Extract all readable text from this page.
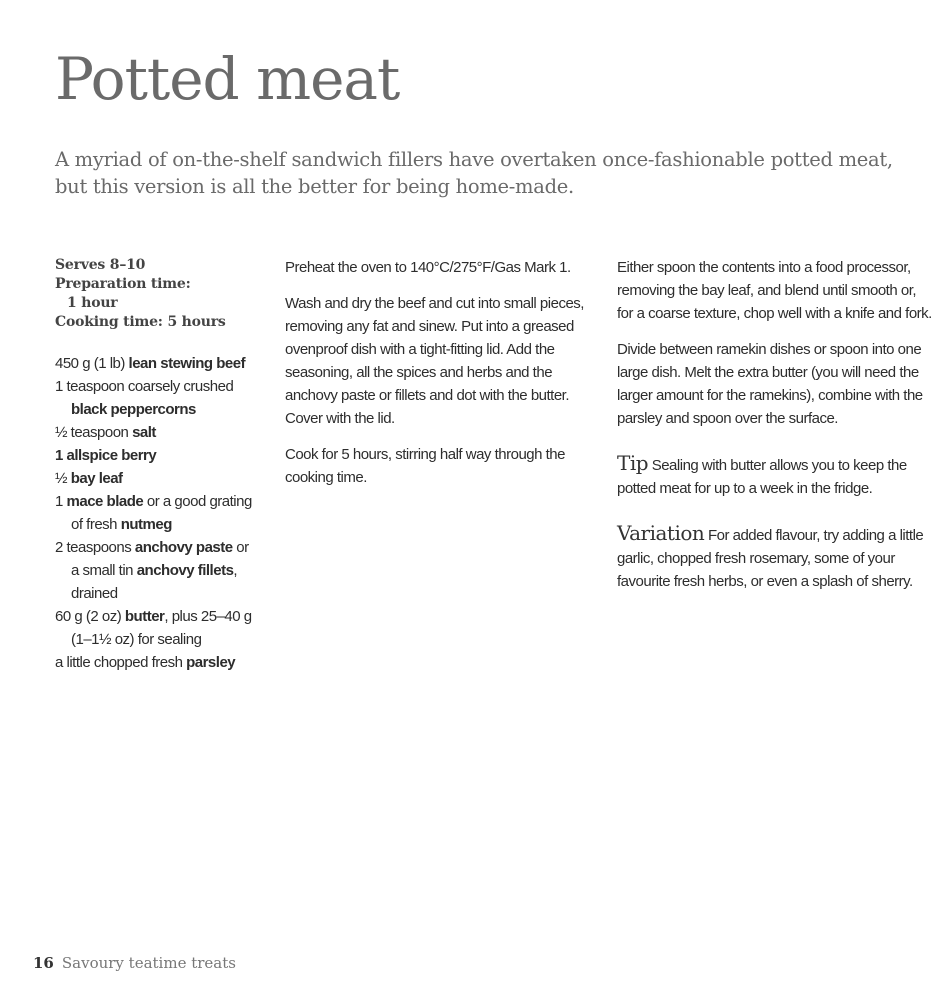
Potted meat

A myriad of on-the-shelf sandwich fillers have overtaken once-fashionable potted meat, but this version is all the better for being home-made.

Serves 8–10
Preparation time:
1 hour
Cooking time: 5 hours
450 g (1 lb) lean stewing beef
1 teaspoon coarsely crushed black peppercorns
½ teaspoon salt
1 allspice berry
½ bay leaf
1 mace blade or a good grating of fresh nutmeg
2 teaspoons anchovy paste or a small tin anchovy fillets, drained
60 g (2 oz) butter, plus 25–40 g (1–1½ oz) for sealing
a little chopped fresh parsley

Preheat the oven to 140°C/275°F/Gas Mark 1.

Wash and dry the beef and cut into small pieces, removing any fat and sinew. Put into a greased ovenproof dish with a tight-fitting lid. Add the seasoning, all the spices and herbs and the anchovy paste or fillets and dot with the butter. Cover with the lid.

Cook for 5 hours, stirring half way through the cooking time.

Either spoon the contents into a food processor, removing the bay leaf, and blend until smooth or, for a coarse texture, chop well with a knife and fork.

Divide between ramekin dishes or spoon into one large dish. Melt the extra butter (you will need the larger amount for the ramekins), combine with the parsley and spoon over the surface.

Tip Sealing with butter allows you to keep the potted meat for up to a week in the fridge.

Variation For added flavour, try adding a little garlic, chopped fresh rosemary, some of your favourite fresh herbs, or even a splash of sherry.

16 Savoury teatime treats
